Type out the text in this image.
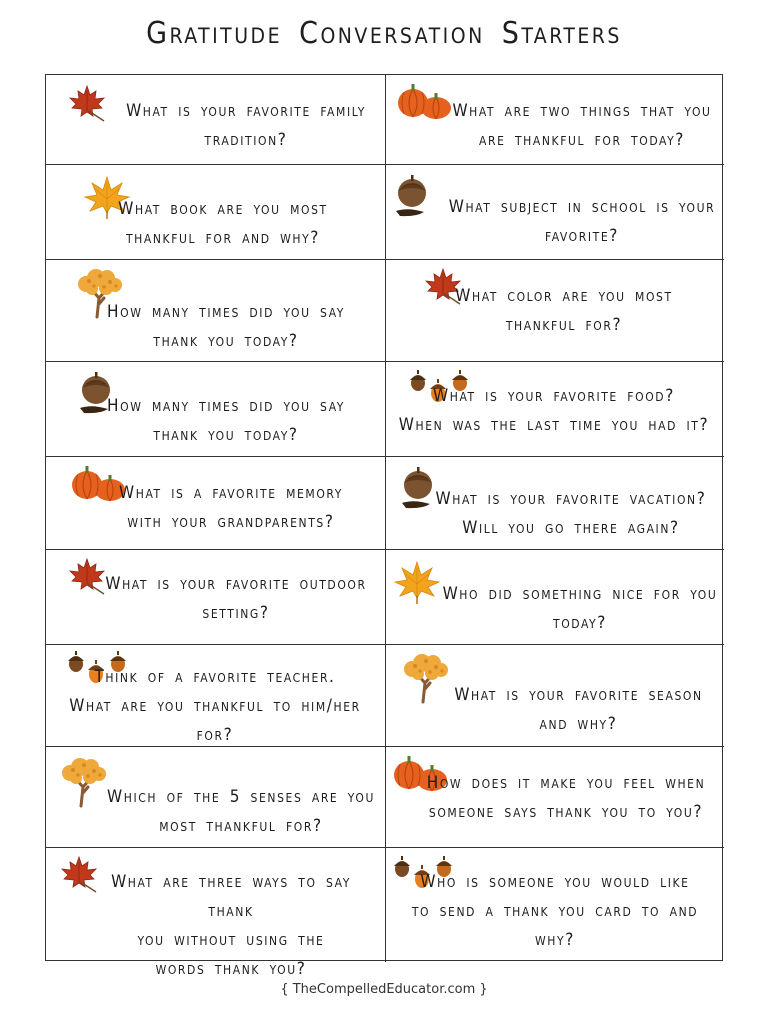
Gratitude Conversation Starters
What is your favorite family
tradition?
What are two things that you
are thankful for today?
What book are you most
thankful for and why?
What subject in school is your
favorite?
How many times did you say
thank you today?
What color are you most
thankful for?
How many times did you say
thank you today?
What is your favorite food?
When was the last time you had it?
What is a favorite memory
with your grandparents?
What is your favorite vacation?
Will you go there again?
What is your favorite outdoor
setting?
Who did something nice for you
today?
Think of a favorite teacher.
What are you thankful to him/her for?
What is your favorite season
and why?
Which of the 5 senses are you
most thankful for?
How does it make you feel when
someone says thank you to you?
What are three ways to say thank
you without using the
words thank you?
Who is someone you would like
to send a thank you card to and why?
{ TheCompelledEducator.com }
